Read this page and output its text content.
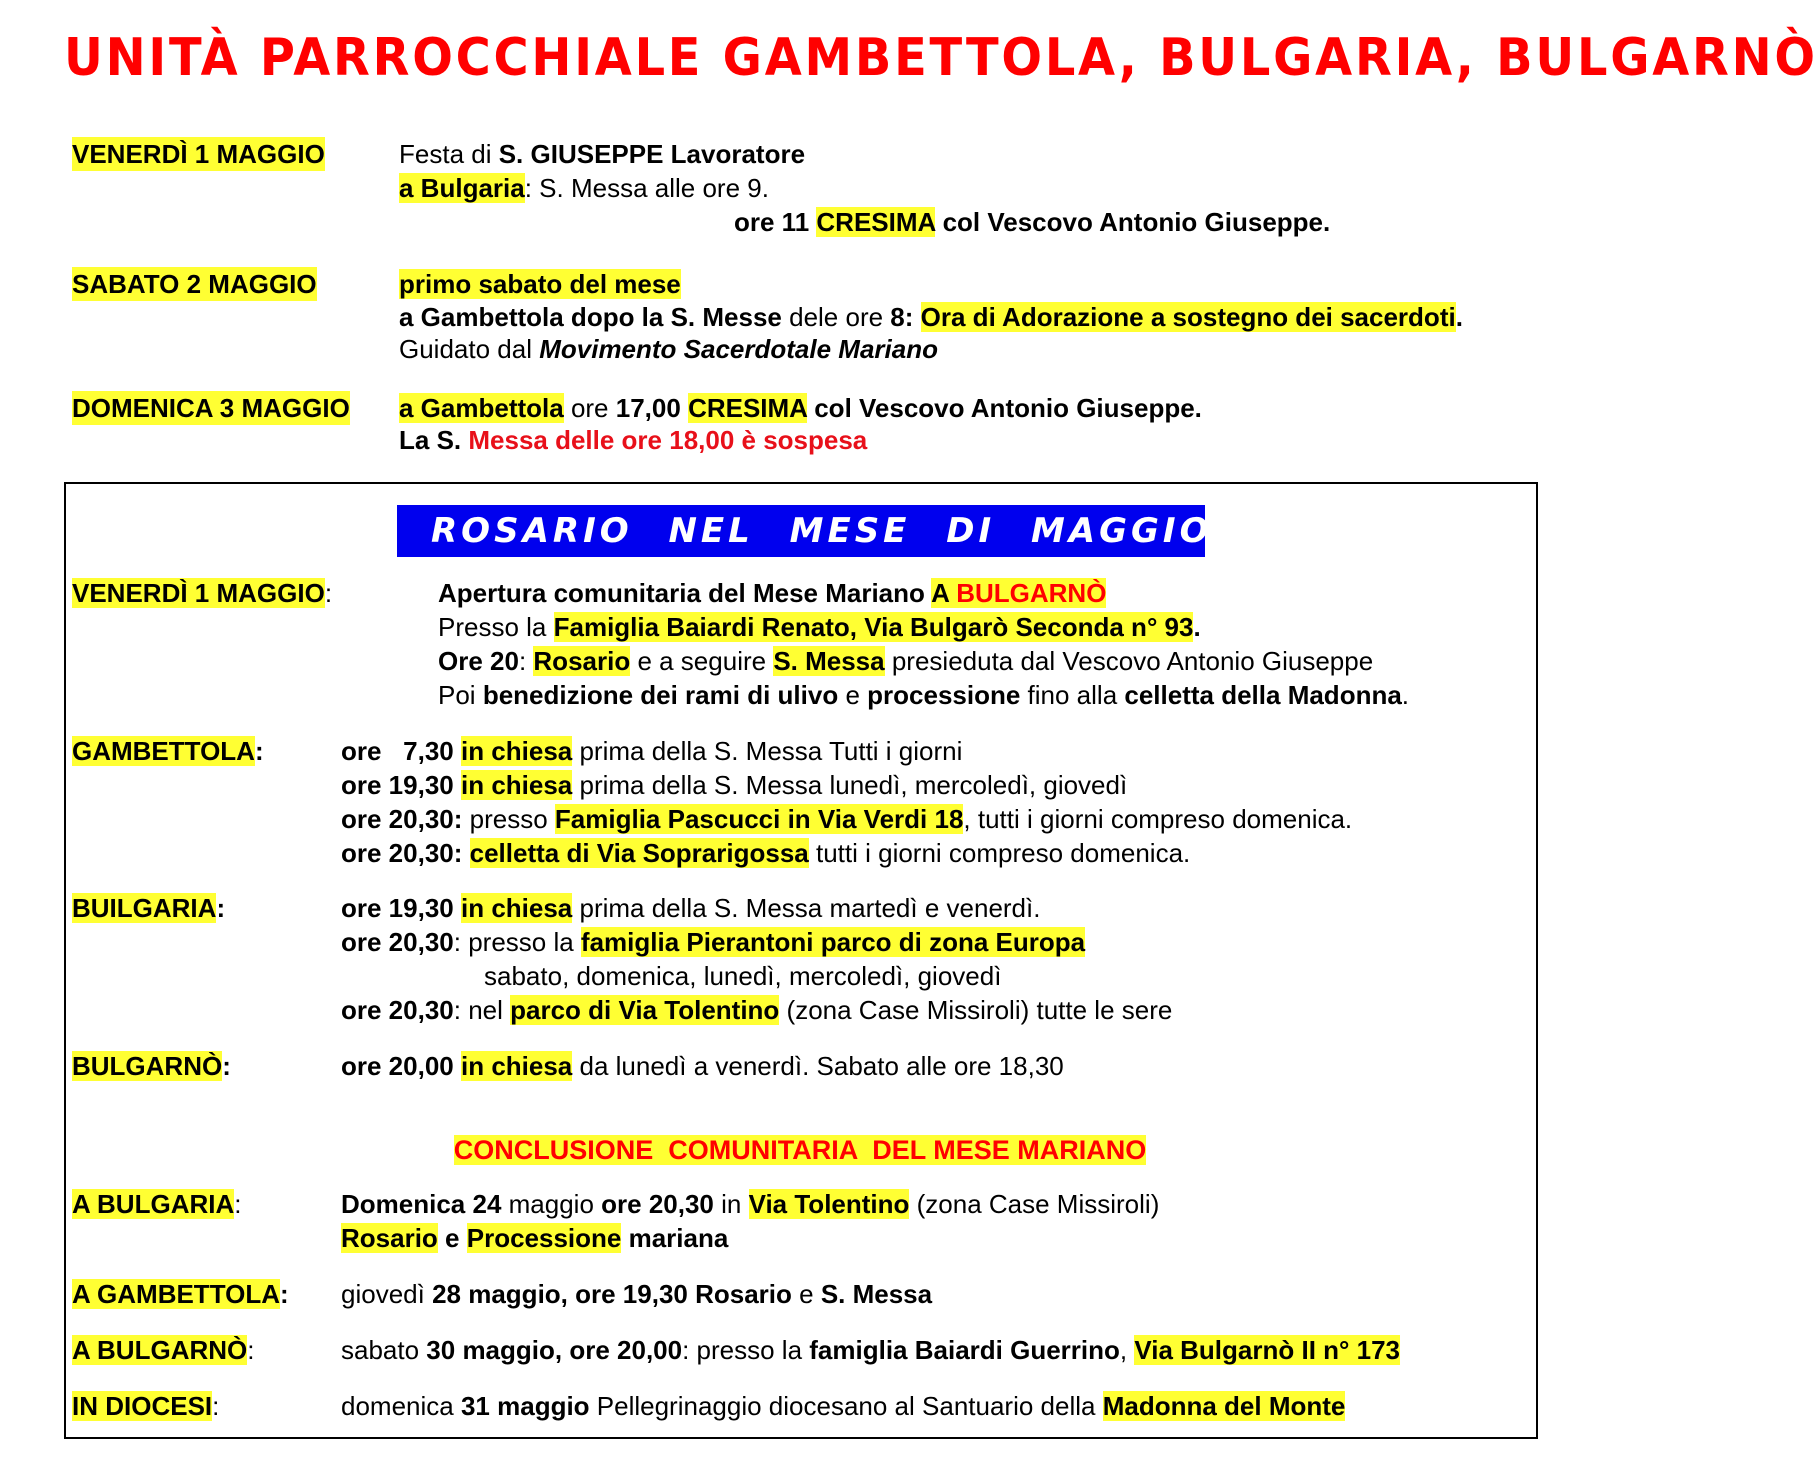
UNITÀ PARROCCHIALE GAMBETTOLA, BULGARIA, BULGARNÒ
VENERDÌ 1 MAGGIO	Festa di S. GIUSEPPE Lavoratore
a Bulgaria: S. Messa alle ore 9.
ore 11 CRESIMA col Vescovo Antonio Giuseppe.
SABATO 2 MAGGIO	primo sabato del mese
a Gambettola dopo la S. Messe dele ore 8: Ora di Adorazione a sostegno dei sacerdoti.
Guidato dal Movimento Sacerdotale Mariano
DOMENICA 3 MAGGIO a Gambettola ore 17,00 CRESIMA col Vescovo Antonio Giuseppe.
La S. Messa delle ore 18,00 è sospesa
ROSARIO NEL MESE DI MAGGIO
VENERDÌ 1 MAGGIO:	Apertura comunitaria del Mese Mariano A BULGARNÒ
Presso la Famiglia Baiardi Renato, Via Bulgarò Seconda n° 93.
Ore 20: Rosario e a seguire S. Messa presieduta dal Vescovo Antonio Giuseppe
Poi benedizione dei rami di ulivo e processione fino alla celletta della Madonna.
GAMBETTOLA:	ore   7,30 in chiesa prima della S. Messa Tutti i giorni
ore 19,30 in chiesa prima della S. Messa lunedì, mercoledì, giovedì
ore 20,30: presso Famiglia Pascucci in Via Verdi 18, tutti i giorni compreso domenica.
ore 20,30: celletta di Via Soprarigossa tutti i giorni compreso domenica.
BUILGARIA:	ore 19,30 in chiesa prima della S. Messa martedì e venerdì.
ore 20,30: presso la famiglia Pierantoni parco di zona Europa
sabato, domenica, lunedì, mercoledì, giovedì
ore 20,30: nel parco di Via Tolentino (zona Case Missiroli) tutte le sere
BULGARNÒ:	ore 20,00 in chiesa da lunedì a venerdì. Sabato alle ore 18,30
CONCLUSIONE  COMUNITARIA  DEL MESE MARIANO
A BULGARIA:	Domenica 24 maggio ore 20,30 in Via Tolentino (zona Case Missiroli)
Rosario e Processione mariana
A GAMBETTOLA: giovedì 28 maggio, ore 19,30 Rosario e S. Messa
A BULGARNÒ:	sabato 30 maggio, ore 20,00: presso la famiglia Baiardi Guerrino, Via Bulgarnò II n° 173
IN DIOCESI:	domenica 31 maggio Pellegrinaggio diocesano al Santuario della Madonna del Monte
